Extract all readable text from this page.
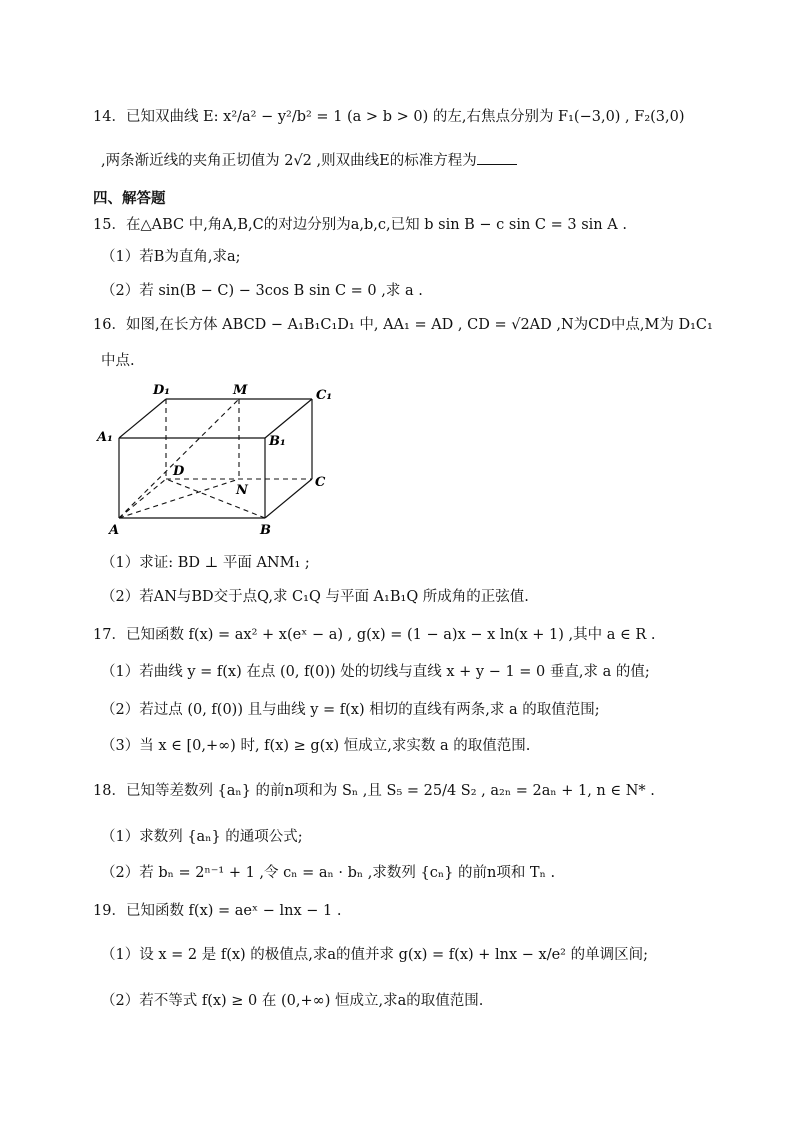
14．已知双曲线 E: x²/a² − y²/b² = 1 (a > b > 0) 的左,右焦点分别为 F₁(−3,0) , F₂(3,0)
,两条渐近线的夹角正切值为 2√2 ,则双曲线E的标准方程为
四、解答题
15．在△ABC 中,角A,B,C的对边分别为a,b,c,已知 b sin B − c sin C = 3 sin A .
（1）若B为直角,求a;
（2）若 sin(B − C) − 3cos B sin C = 0 ,求 a .
16．如图,在长方体 ABCD − A₁B₁C₁D₁ 中, AA₁ = AD , CD = √2AD ,N为CD中点,M为 D₁C₁
中点.
D₁	M	C₁
A₁	B₁
D
N
C
A	B
（1）求证: BD ⊥ 平面 ANM₁ ;
（2）若AN与BD交于点Q,求 C₁Q 与平面 A₁B₁Q 所成角的正弦值.
17．已知函数 f(x) = ax² + x(eˣ − a) , g(x) = (1 − a)x − x ln(x + 1) ,其中 a ∈ R .
（1）若曲线 y = f(x) 在点 (0, f(0)) 处的切线与直线 x + y − 1 = 0 垂直,求 a 的值;
（2）若过点 (0, f(0)) 且与曲线 y = f(x) 相切的直线有两条,求 a 的取值范围;
（3）当 x ∈ [0,+∞) 时, f(x) ≥ g(x) 恒成立,求实数 a 的取值范围.
18．已知等差数列 {aₙ} 的前n项和为 Sₙ ,且 S₅ = 25/4 S₂ , a₂ₙ = 2aₙ + 1, n ∈ N* .
（1）求数列 {aₙ} 的通项公式;
（2）若 bₙ = 2ⁿ⁻¹ + 1 ,令 cₙ = aₙ · bₙ ,求数列 {cₙ} 的前n项和 Tₙ .
19．已知函数 f(x) = aeˣ − lnx − 1 .
（1）设 x = 2 是 f(x) 的极值点,求a的值并求 g(x) = f(x) + lnx − x/e² 的单调区间;
（2）若不等式 f(x) ≥ 0 在 (0,+∞) 恒成立,求a的取值范围.
